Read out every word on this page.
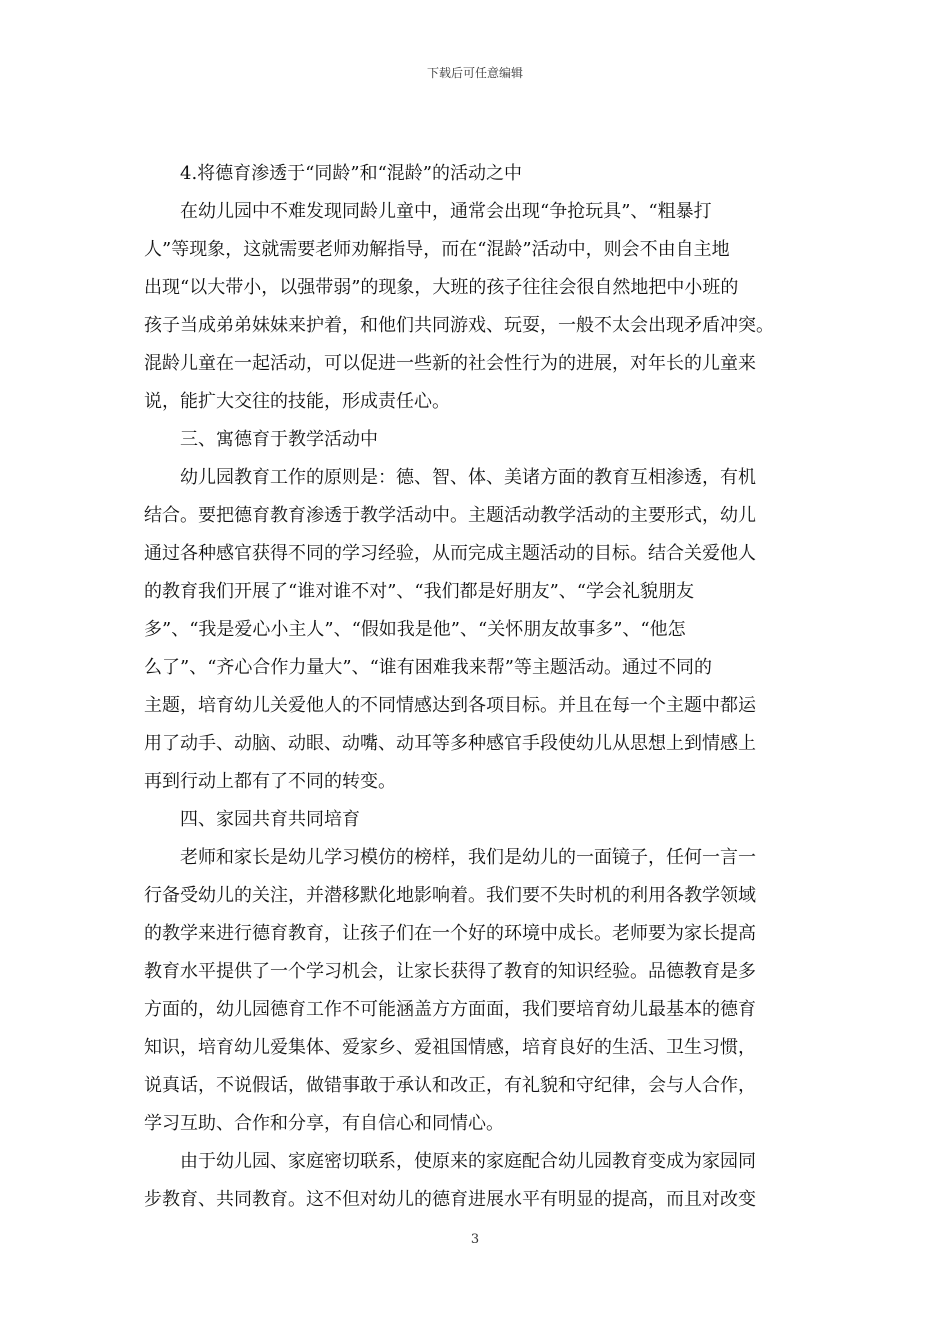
下载后可任意编辑
4.将德育渗透于“同龄”和“混龄”的活动之中
在幼儿园中不难发现同龄儿童中，通常会出现“争抢玩具”、“粗暴打
人”等现象，这就需要老师劝解指导，而在“混龄”活动中，则会不由自主地
出现“以大带小，以强带弱”的现象，大班的孩子往往会很自然地把中小班的
孩子当成弟弟妹妹来护着，和他们共同游戏、玩耍，一般不太会出现矛盾冲突。
混龄儿童在一起活动，可以促进一些新的社会性行为的进展，对年长的儿童来
说，能扩大交往的技能，形成责任心。
三、寓德育于教学活动中
幼儿园教育工作的原则是：德、智、体、美诸方面的教育互相渗透，有机
结合。要把德育教育渗透于教学活动中。主题活动教学活动的主要形式，幼儿
通过各种感官获得不同的学习经验，从而完成主题活动的目标。结合关爱他人
的教育我们开展了“谁对谁不对”、“我们都是好朋友”、“学会礼貌朋友
多”、“我是爱心小主人”、“假如我是他”、“关怀朋友故事多”、“他怎
么了”、“齐心合作力量大”、“谁有困难我来帮”等主题活动。通过不同的
主题，培育幼儿关爱他人的不同情感达到各项目标。并且在每一个主题中都运
用了动手、动脑、动眼、动嘴、动耳等多种感官手段使幼儿从思想上到情感上
再到行动上都有了不同的转变。
四、家园共育共同培育
老师和家长是幼儿学习模仿的榜样，我们是幼儿的一面镜子，任何一言一
行备受幼儿的关注，并潜移默化地影响着。我们要不失时机的利用各教学领域
的教学来进行德育教育，让孩子们在一个好的环境中成长。老师要为家长提高
教育水平提供了一个学习机会，让家长获得了教育的知识经验。品德教育是多
方面的，幼儿园德育工作不可能涵盖方方面面，我们要培育幼儿最基本的德育
知识，培育幼儿爱集体、爱家乡、爱祖国情感，培育良好的生活、卫生习惯，
说真话，不说假话，做错事敢于承认和改正，有礼貌和守纪律，会与人合作，
学习互助、合作和分享，有自信心和同情心。
由于幼儿园、家庭密切联系，使原来的家庭配合幼儿园教育变成为家园同
步教育、共同教育。这不但对幼儿的德育进展水平有明显的提高，而且对改变
3
